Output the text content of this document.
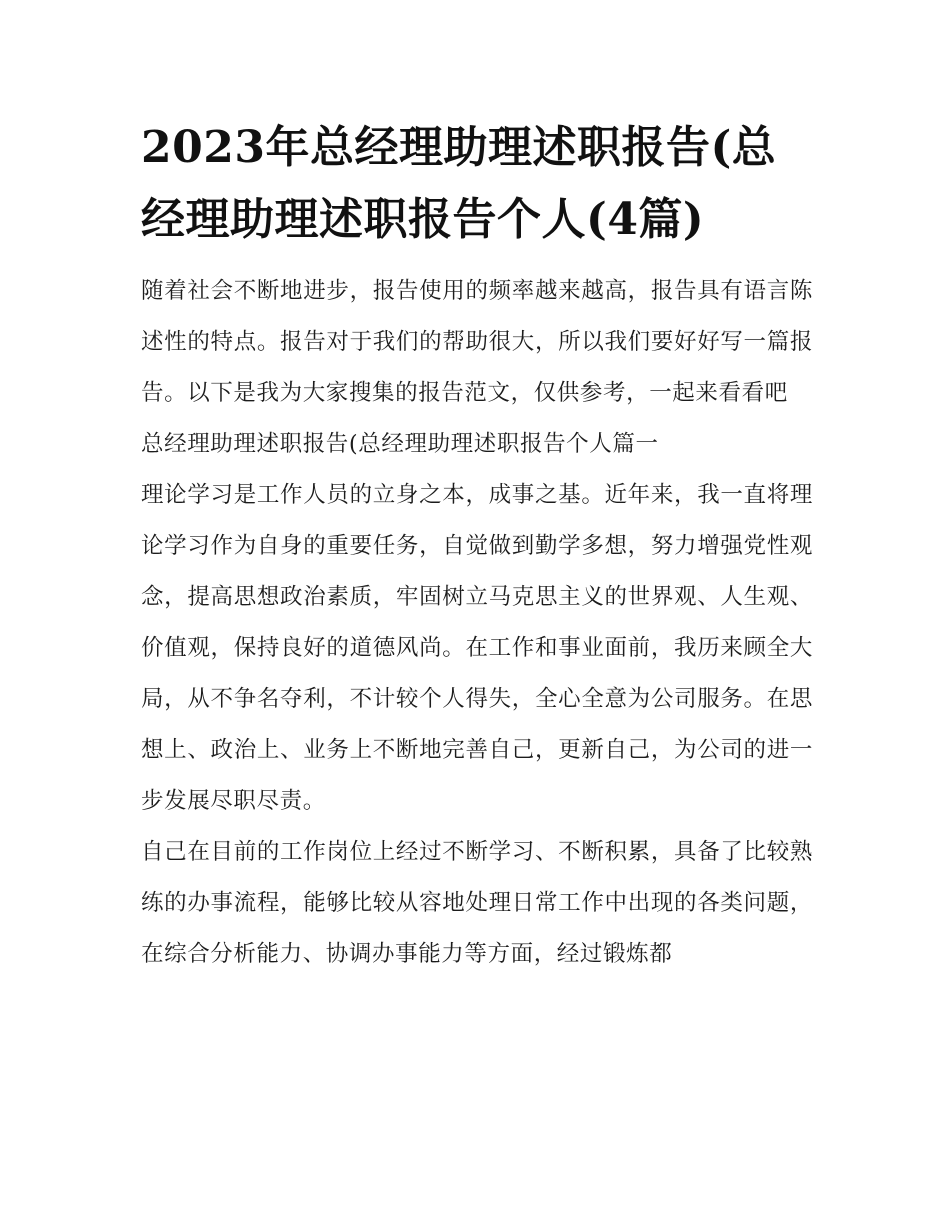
2023年总经理助理述职报告(总经理助理述职报告个人(4篇)

随着社会不断地进步，报告使用的频率越来越高，报告具有语言陈述性的特点。报告对于我们的帮助很大，所以我们要好好写一篇报告。以下是我为大家搜集的报告范文，仅供参考，一起来看看吧

总经理助理述职报告(总经理助理述职报告个人篇一

理论学习是工作人员的立身之本，成事之基。近年来，我一直将理论学习作为自身的重要任务，自觉做到勤学多想，努力增强党性观念，提高思想政治素质，牢固树立马克思主义的世界观、人生观、价值观，保持良好的道德风尚。在工作和事业面前，我历来顾全大局，从不争名夺利，不计较个人得失，全心全意为公司服务。在思想上、政治上、业务上不断地完善自己，更新自己，为公司的进一步发展尽职尽责。

自己在目前的工作岗位上经过不断学习、不断积累，具备了比较熟练的办事流程，能够比较从容地处理日常工作中出现的各类问题，在综合分析能力、协调办事能力等方面，经过锻炼都
